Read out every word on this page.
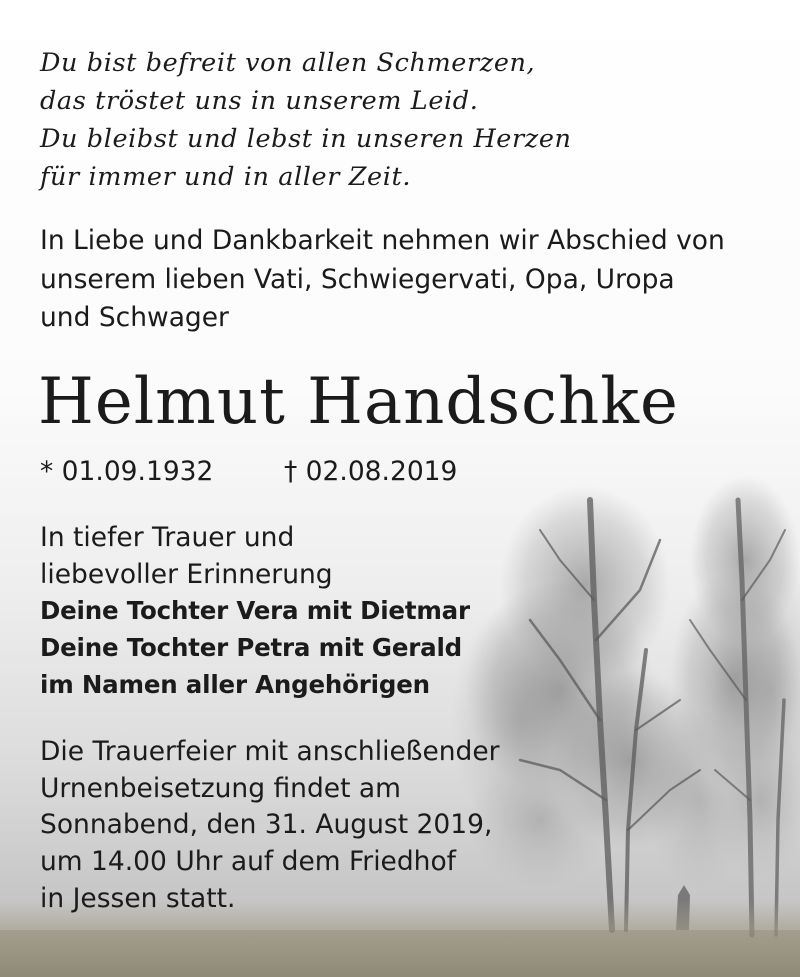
Du bist befreit von allen Schmerzen,
das tröstet uns in unserem Leid.
Du bleibst und lebst in unseren Herzen
für immer und in aller Zeit.

In Liebe und Dankbarkeit nehmen wir Abschied von
unserem lieben Vati, Schwiegervati, Opa, Uropa
und Schwager

Helmut Handschke
* 01.09.1932	† 02.08.2019

In tiefer Trauer und
liebevoller Erinnerung
Deine Tochter Vera mit Dietmar
Deine Tochter Petra mit Gerald
im Namen aller Angehörigen

Die Trauerfeier mit anschließender
Urnenbeisetzung findet am
Sonnabend, den 31. August 2019,
um 14.00 Uhr auf dem Friedhof
in Jessen statt.
